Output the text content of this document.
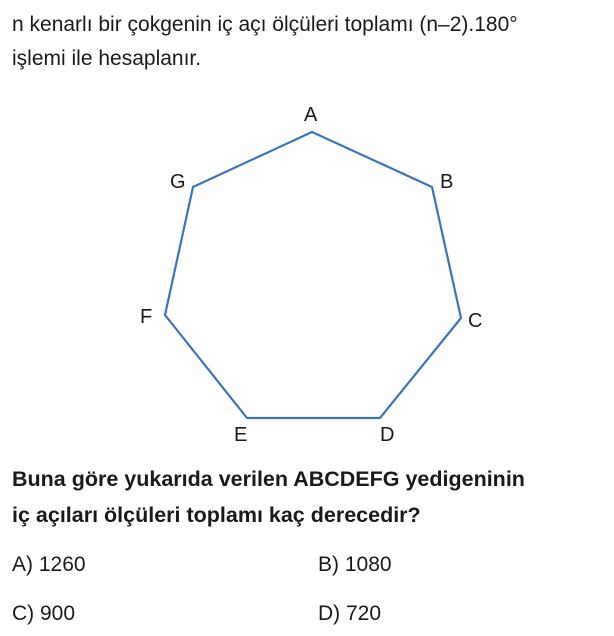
n kenarlı bir çokgenin iç açı ölçüleri toplamı (n–2).180°
işlemi ile hesaplanır.

A
B
C
D
E
F
G

Buna göre yukarıda verilen ABCDEFG yedigeninin
iç açıları ölçüleri toplamı kaç derecedir?

A) 1260	B) 1080
C) 900	D) 720
